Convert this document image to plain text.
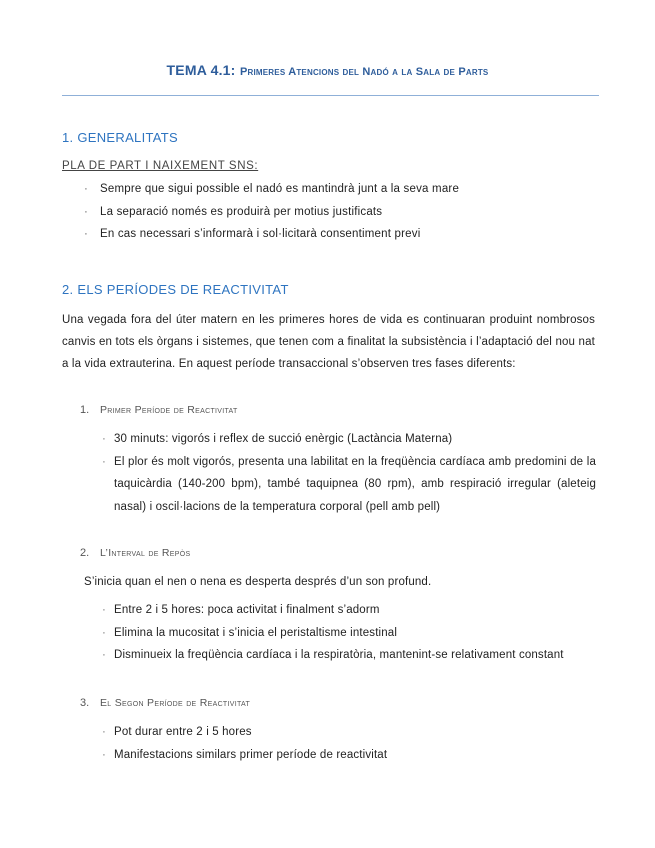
TEMA 4.1: Primeres Atencions del Nadó a la Sala de Parts
1. GENERALITATS
PLA DE PART I NAIXEMENT SNS:
· Sempre que sigui possible el nadó es mantindrà junt a la seva mare
· La separació només es produirà per motius justificats
· En cas necessari s’informarà i sol·licitarà consentiment previ
2. ELS PERÍODES DE REACTIVITAT
Una vegada fora del úter matern en les primeres hores de vida es continuaran produint nombrosos canvis en tots els òrgans i sistemes, que tenen com a finalitat la subsistència i l’adaptació del nou nat a la vida extrauterina. En aquest període transaccional s’observen tres fases diferents:
1. Primer Període de Reactivitat
· 30 minuts: vigorós i reflex de succió enèrgic (Lactància Materna)
· El plor és molt vigorós, presenta una labilitat en la freqüència cardíaca amb predomini de la taquicàrdia (140-200 bpm), també taquipnea (80 rpm), amb respiració irregular (aleteig nasal) i oscil·lacions de la temperatura corporal (pell amb pell)
2. L’Interval de Repòs
S’inicia quan el nen o nena es desperta després d’un son profund.
· Entre 2 i 5 hores: poca activitat i finalment s’adorm
· Elimina la mucositat i s’inicia el peristaltisme intestinal
· Disminueix la freqüència cardíaca i la respiratòria, mantenint-se relativament constant
3. El Segon Període de Reactivitat
· Pot durar entre 2 i 5 hores
· Manifestacions similars primer període de reactivitat
